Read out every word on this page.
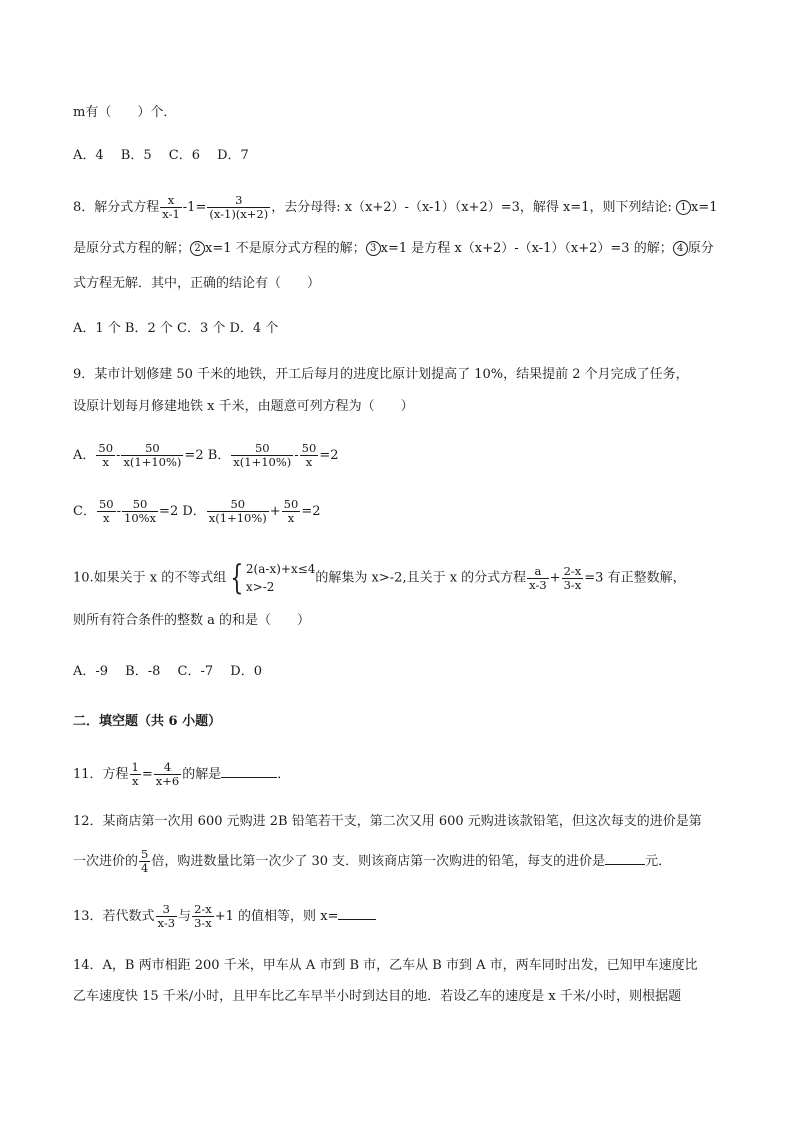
m有（　　）个．
A．4　 B．5　 C．6　 D．7
8．解分式方程 $\frac{x}{x-1} -1= \frac{3}{(x-1)(x+2)}$ ，去分母得: x（x+2）-（x-1）（x+2）=3，解得 x=1，则下列结论: 1 x=1
是原分式方程的解； 2 x=1 不是原分式方程的解； 3 x=1 是方程 x（x+2）-（x-1）（x+2）=3 的解； 4 原分
式方程无解．其中，正确的结论有（　　）
A．1 个 B．2 个 C．3 个 D．4 个
9．某市计划修建 50 千米的地铁，开工后每月的进度比原计划提高了 10%，结果提前 2 个月完成了任务，
设原计划每月修建地铁 x 千米，由题意可列方程为（　　）
A． $\frac{50}{x} - \frac{50}{x(1+10\%)} =2$ B． $\frac{50}{x(1+10\%)} - \frac{50}{x} =2$
C． $\frac{50}{x} - \frac{50}{10\%x} =2$ D． $\frac{50}{x(1+10\%)} + \frac{50}{x} =2$
10.如果关于 x 的不等式组 { 2(a-x)+x≤4
x>-2
的解集为 x>-2,且关于 x 的分式方程 $\frac{a}{x-3} + \frac{2-x}{3-x} =3$ 有正整数解，
则所有符合条件的整数 a 的和是（　　）
A．-9　 B．-8　 C．-7　 D．0
二．填空题（共 6 小题）
11．方程 $\frac{1}{x} = \frac{4}{x+6}$ 的解是	．
12．某商店第一次用 600 元购进 2B 铅笔若干支，第二次又用 600 元购进该款铅笔，但这次每支的进价是第
一次进价的 $\frac{5}{4}$ 倍，购进数量比第一次少了 30 支．则该商店第一次购进的铅笔，每支的进价是	元．
13．若代数式 $\frac{3}{x-3}$ 与 $\frac{2-x}{3-x} +1$ 的值相等，则 x=
14．A，B 两市相距 200 千米，甲车从 A 市到 B 市，乙车从 B 市到 A 市，两车同时出发，已知甲车速度比
乙车速度快 15 千米/小时，且甲车比乙车早半小时到达目的地．若设乙车的速度是 x 千米/小时，则根据题
